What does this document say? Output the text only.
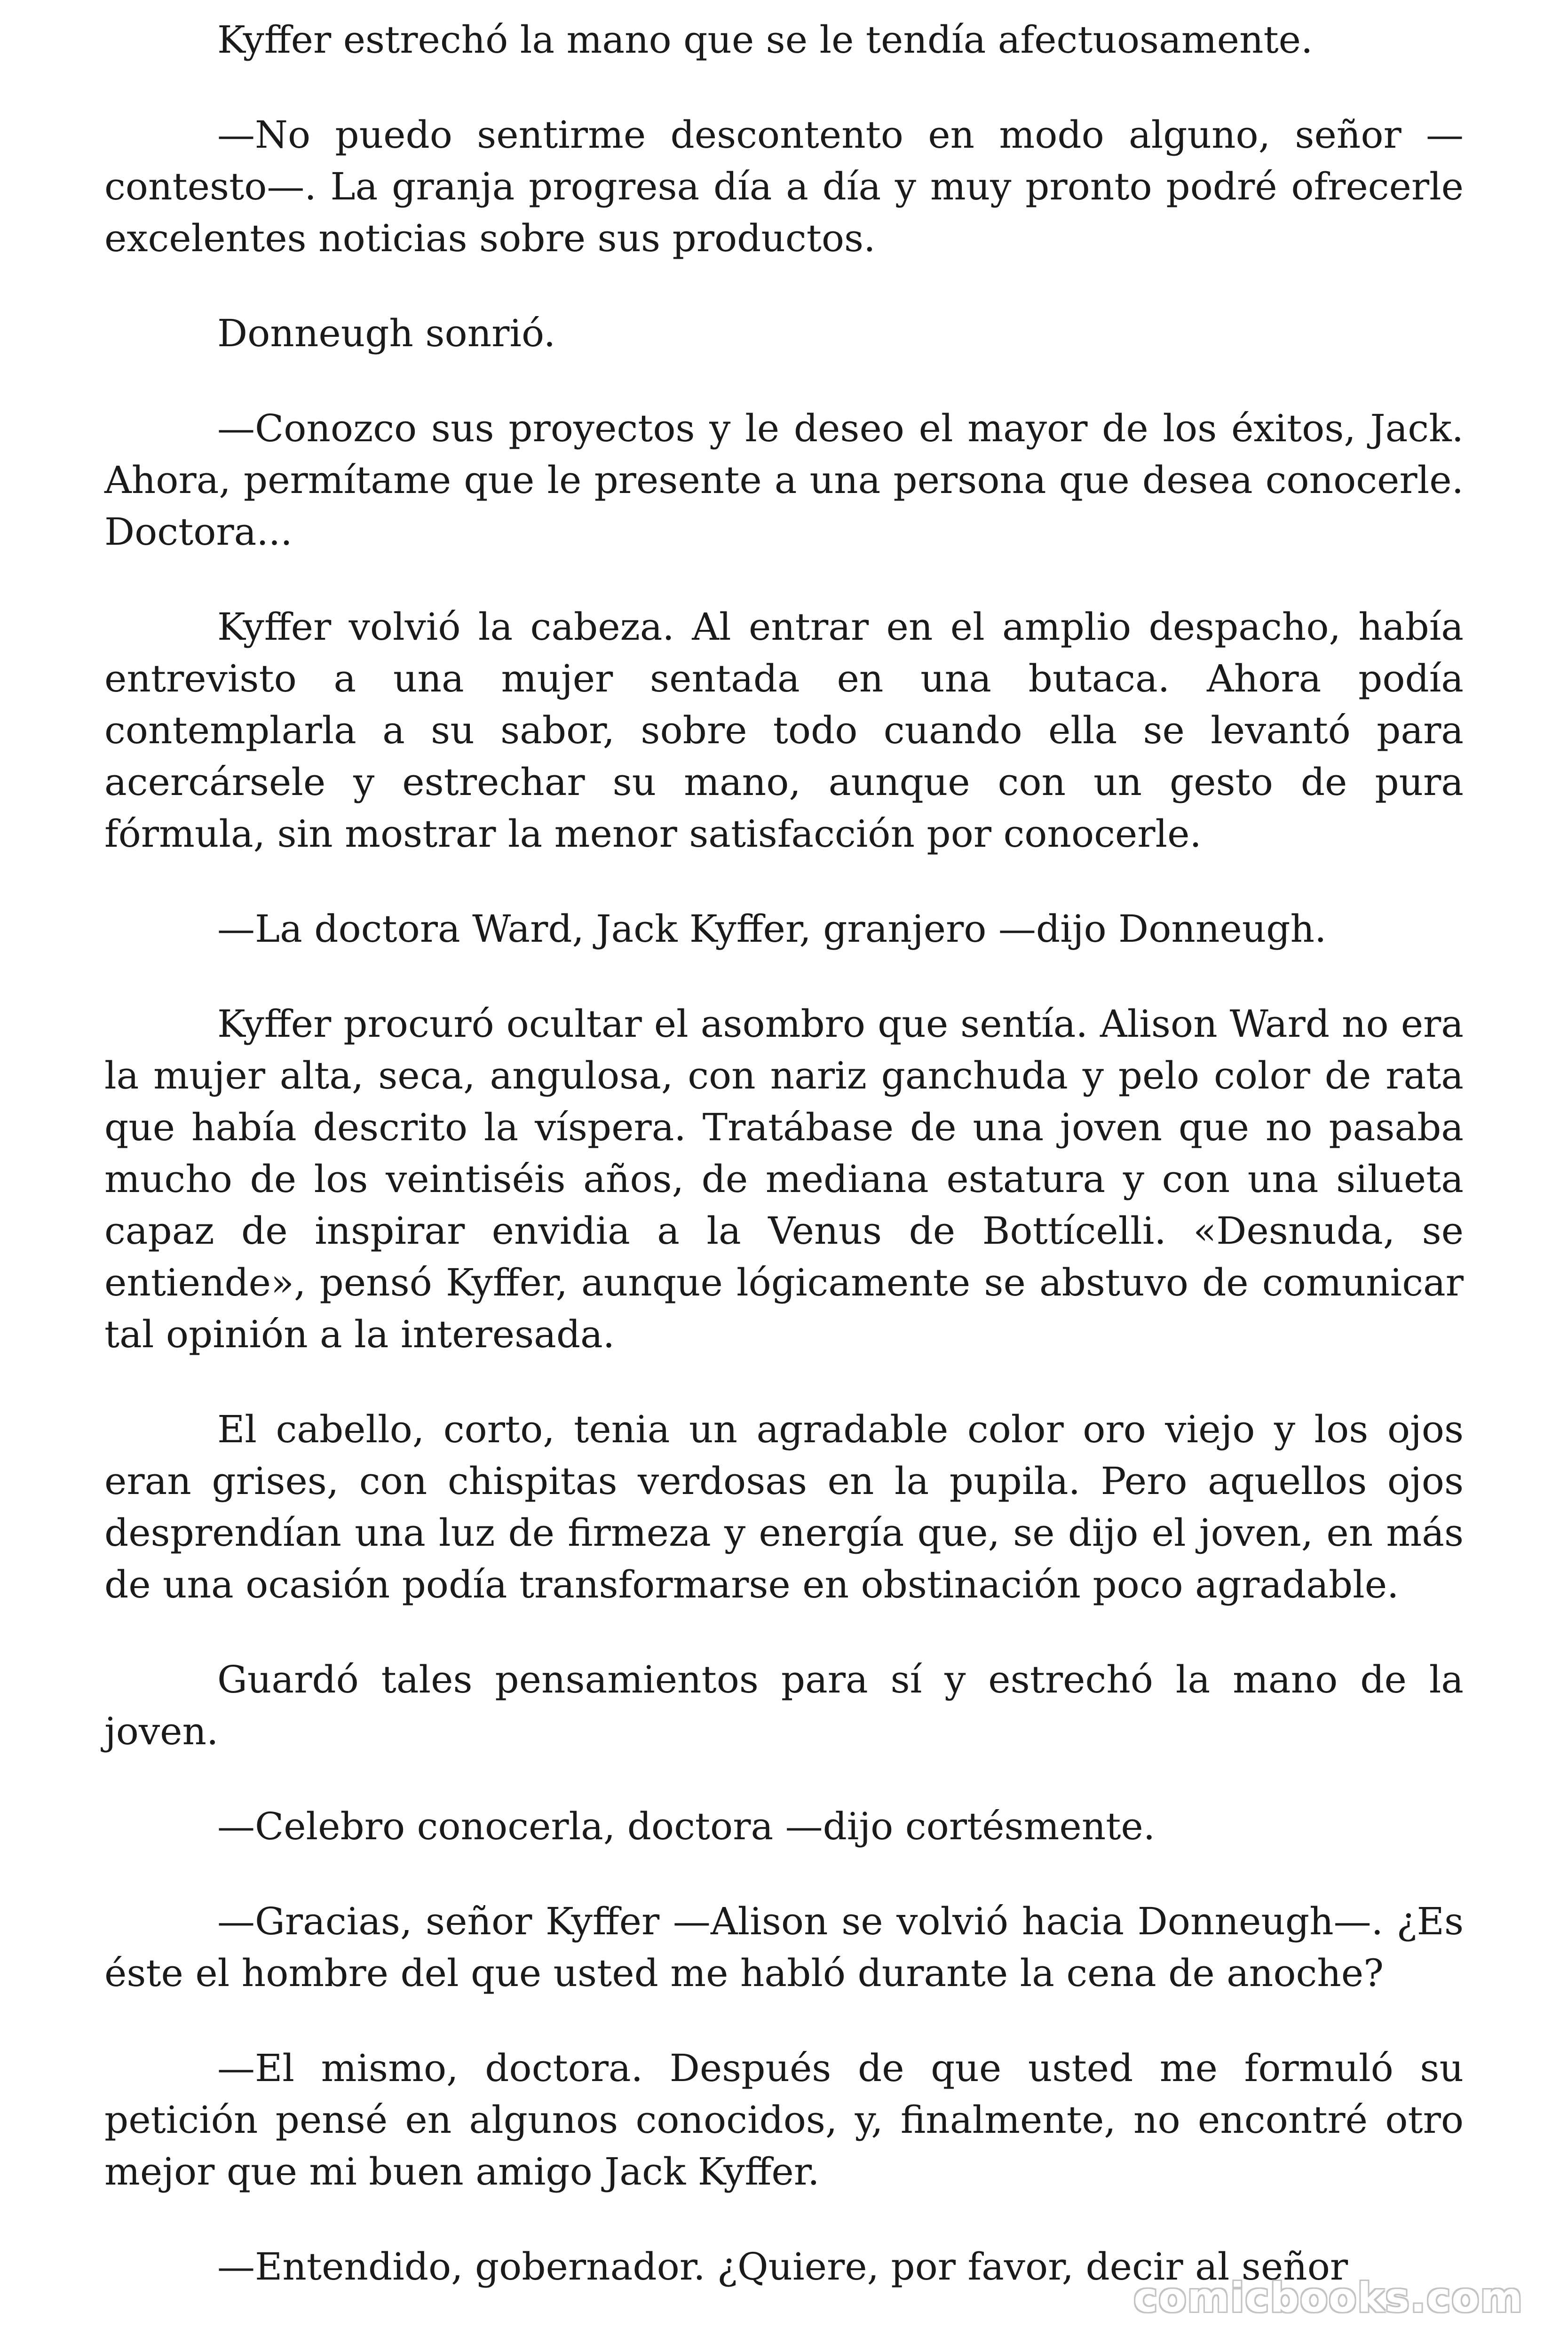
Kyffer estrechó la mano que se le tendía afectuosamente.

—No puedo sentirme descontento en modo alguno, señor —contesto—. La granja progresa día a día y muy pronto podré ofrecerle excelentes noticias sobre sus productos.

Donneugh sonrió.

—Conozco sus proyectos y le deseo el mayor de los éxitos, Jack. Ahora, permítame que le presente a una persona que desea conocerle. Doctora...

Kyffer volvió la cabeza. Al entrar en el amplio despacho, había entrevisto a una mujer sentada en una butaca. Ahora podía contemplarla a su sabor, sobre todo cuando ella se levantó para acercársele y estrechar su mano, aunque con un gesto de pura fórmula, sin mostrar la menor satisfacción por conocerle.

—La doctora Ward, Jack Kyffer, granjero —dijo Donneugh.

Kyffer procuró ocultar el asombro que sentía. Alison Ward no era la mujer alta, seca, angulosa, con nariz ganchuda y pelo color de rata que había descrito la víspera. Tratábase de una joven que no pasaba mucho de los veintiséis años, de mediana estatura y con una silueta capaz de inspirar envidia a la Venus de Bottícelli. «Desnuda, se entiende», pensó Kyffer, aunque lógicamente se abstuvo de comunicar tal opinión a la interesada.

El cabello, corto, tenia un agradable color oro viejo y los ojos eran grises, con chispitas verdosas en la pupila. Pero aquellos ojos desprendían una luz de firmeza y energía que, se dijo el joven, en más de una ocasión podía transformarse en obstinación poco agradable.

Guardó tales pensamientos para sí y estrechó la mano de la joven.

—Celebro conocerla, doctora —dijo cortésmente.

—Gracias, señor Kyffer —Alison se volvió hacia Donneugh—. ¿Es éste el hombre del que usted me habló durante la cena de anoche?

—El mismo, doctora. Después de que usted me formuló su petición pensé en algunos conocidos, y, finalmente, no encontré otro mejor que mi buen amigo Jack Kyffer.

—Entendido, gobernador. ¿Quiere, por favor, decir al señor

comicbooks.com
